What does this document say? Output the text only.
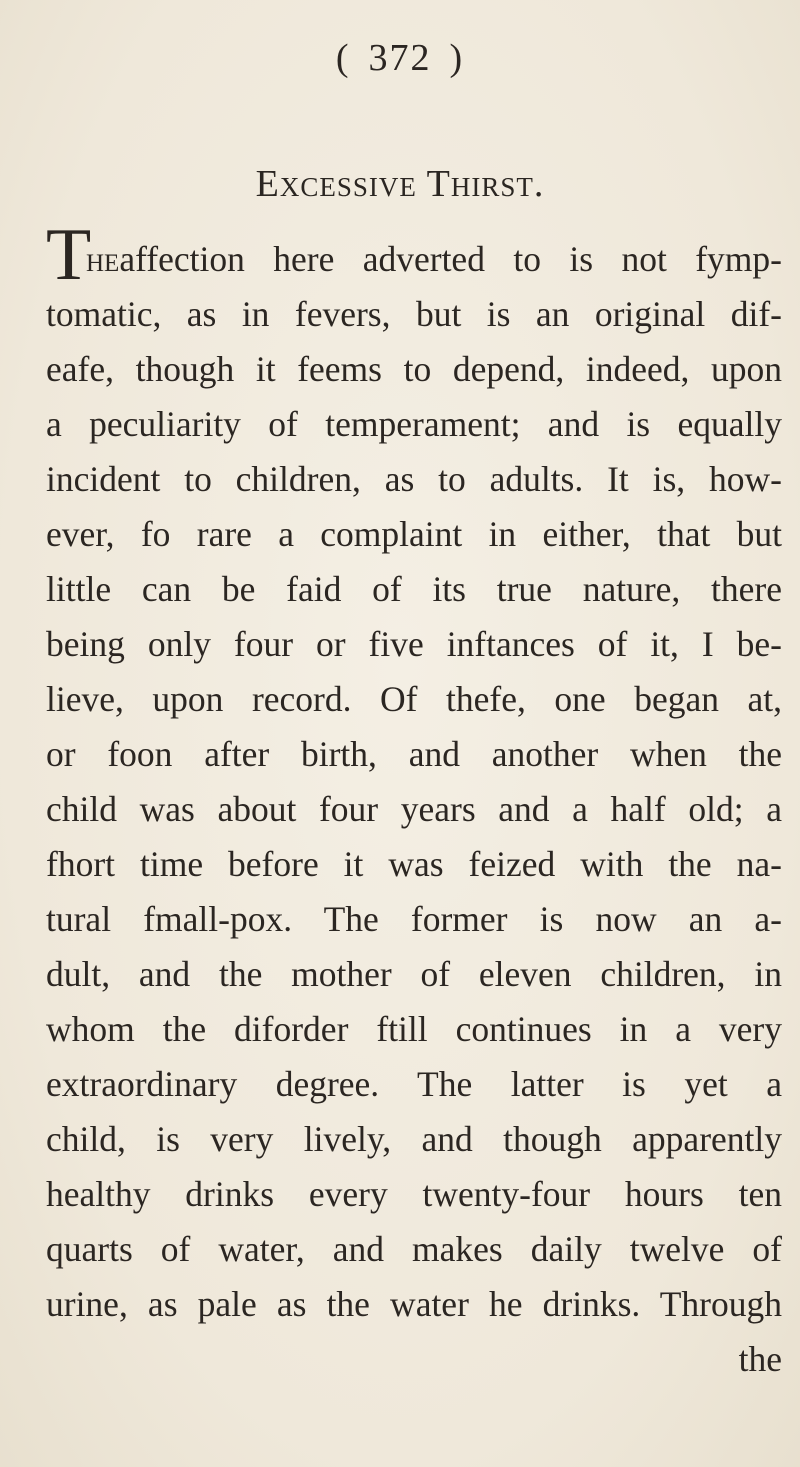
( 372 )
Excessive Thirst.
T
heaffection here adverted to is not fymp-
tomatic, as in fevers, but is an original dif-
eafe, though it feems to depend, indeed, upon
a peculiarity of temperament; and is equally
incident to children, as to adults. It is, how-
ever, fo rare a complaint in either, that but
little can be faid of its true nature, there
being only four or five inftances of it, I be-
lieve, upon record. Of thefe, one began at,
or foon after birth, and another when the
child was about four years and a half old; a
fhort time before it was feized with the na-
tural fmall-pox. The former is now an a-
dult, and the mother of eleven children, in
whom the diforder ftill continues in a very
extraordinary degree. The latter is yet a
child, is very lively, and though apparently
healthy drinks every twenty-four hours ten
quarts of water, and makes daily twelve of
urine, as pale as the water he drinks. Through
the
